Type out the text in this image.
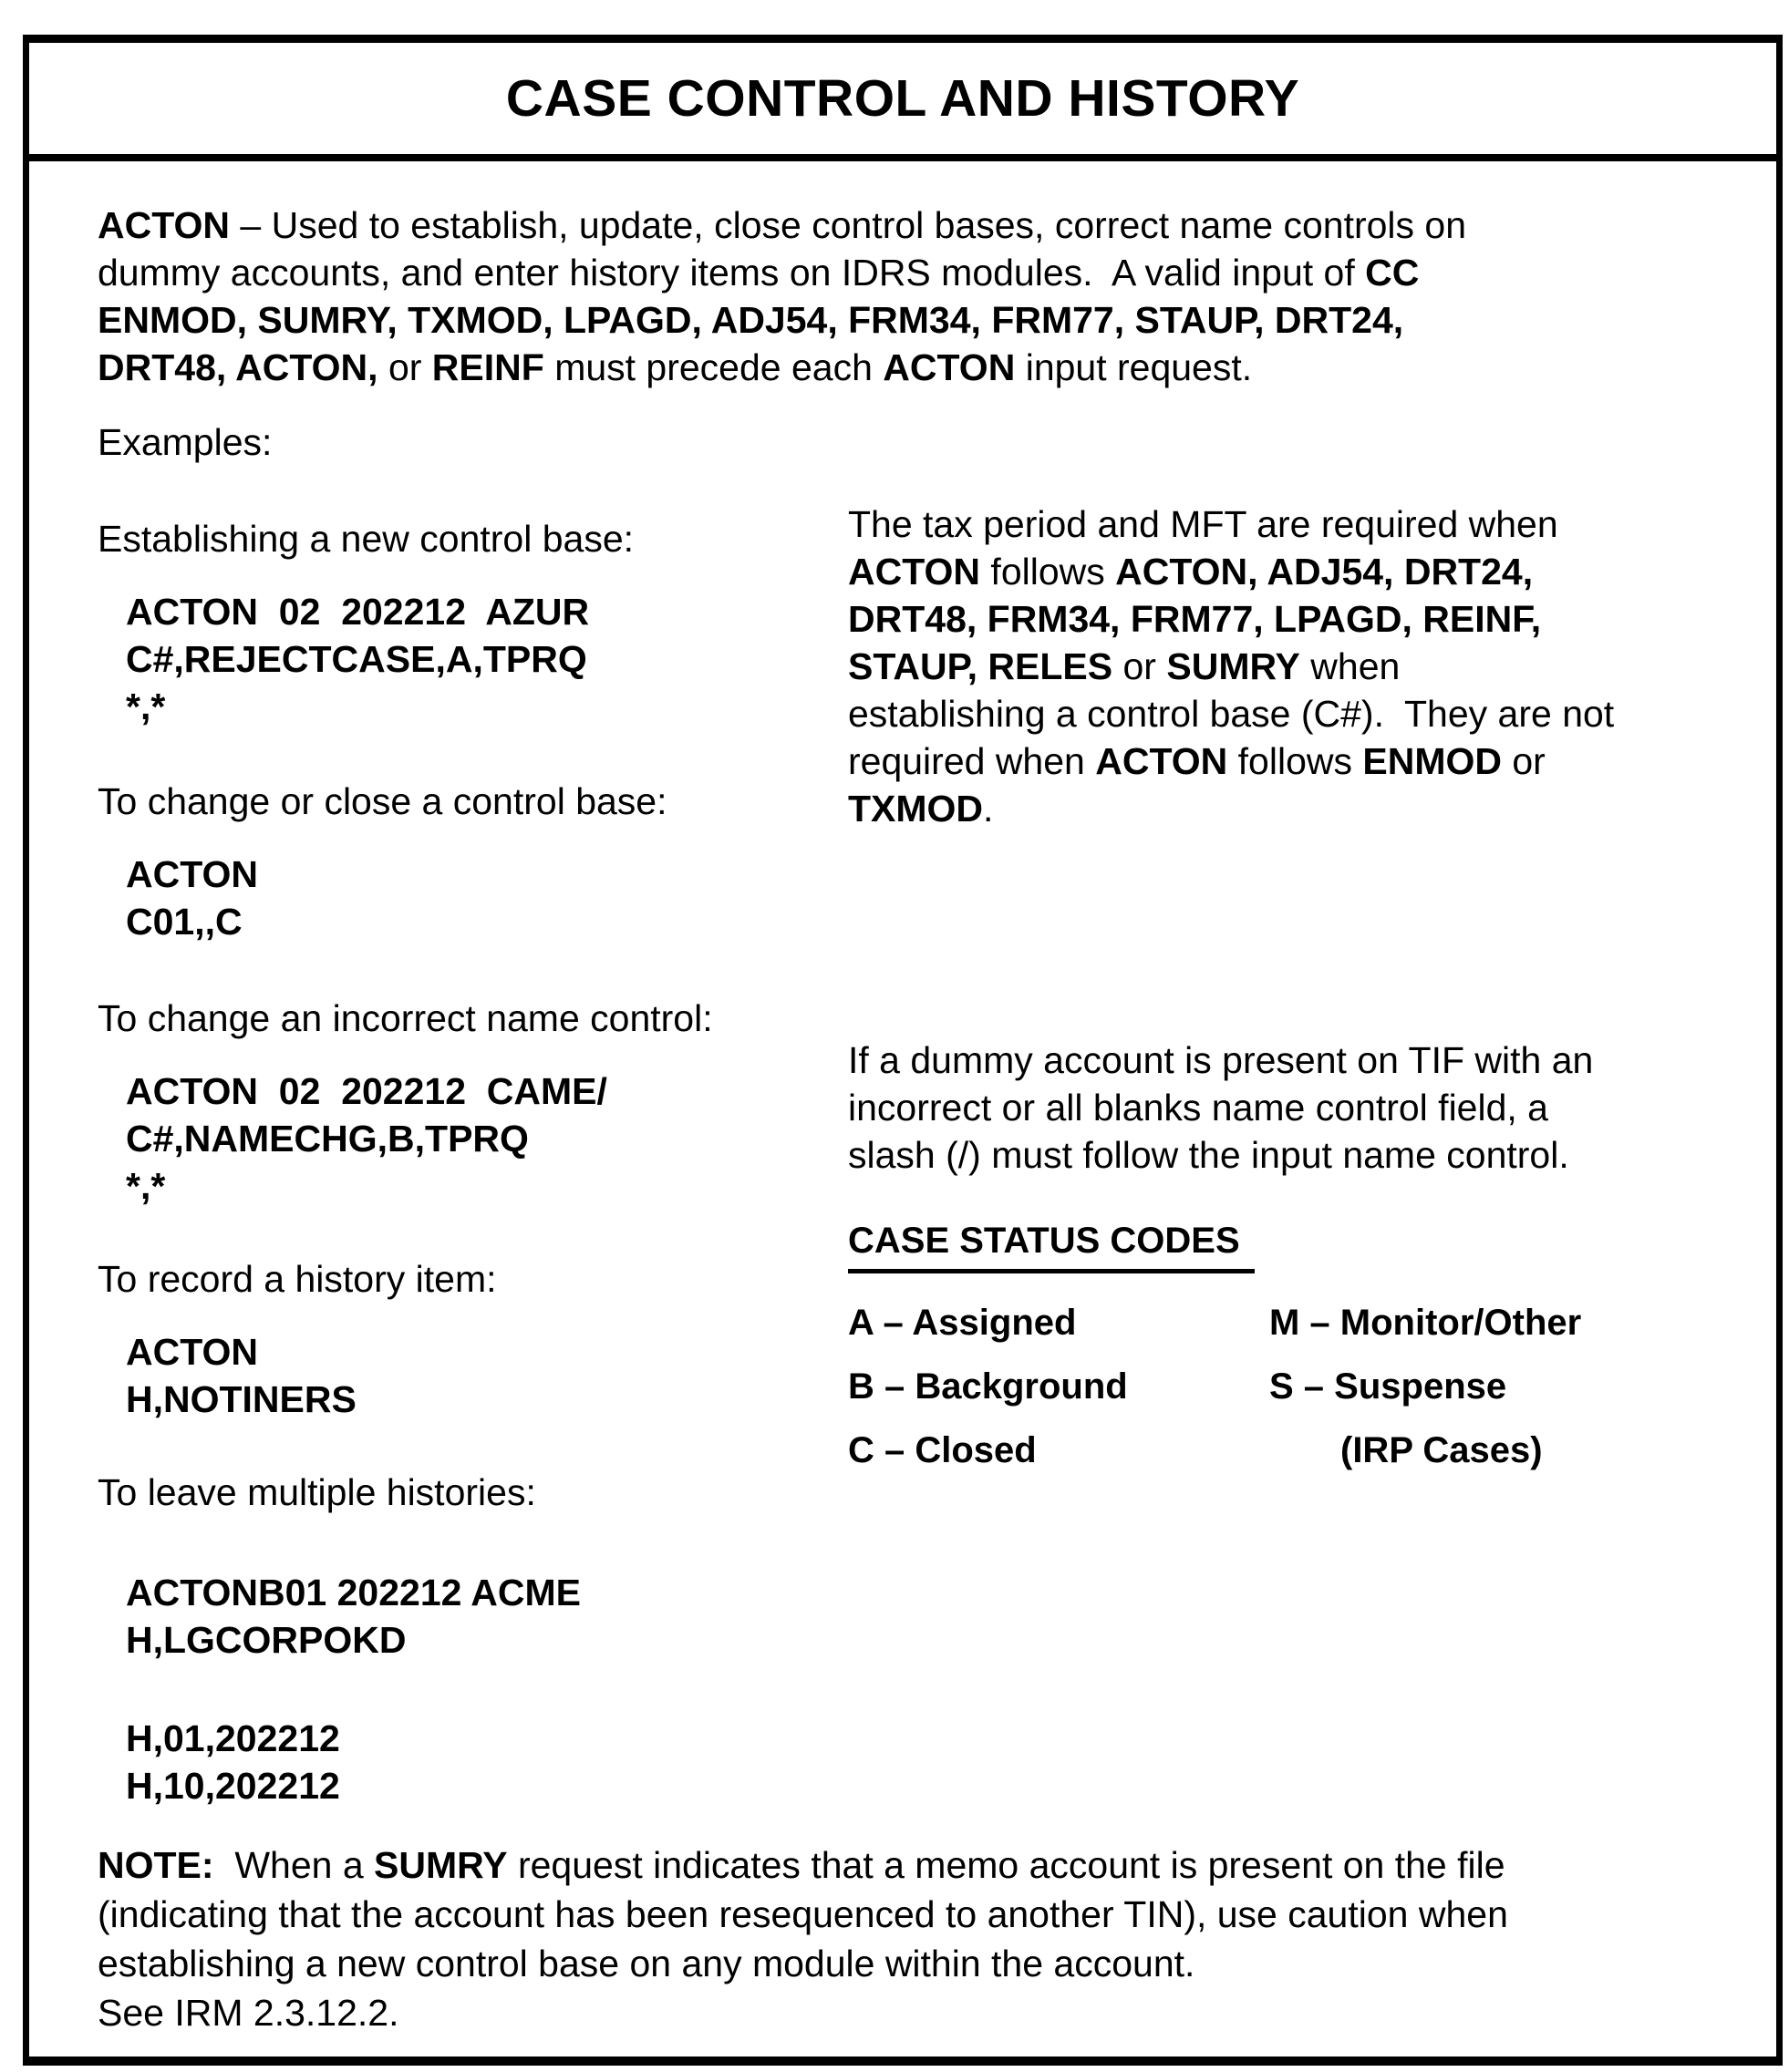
CASE CONTROL AND HISTORY
ACTON – Used to establish, update, close control bases, correct name controls on
dummy accounts, and enter history items on IDRS modules.  A valid input of CC
ENMOD, SUMRY, TXMOD, LPAGD, ADJ54, FRM34, FRM77, STAUP, DRT24,
DRT48, ACTON, or REINF must precede each ACTON input request.
Examples:
Establishing a new control base:
ACTON  02  202212  AZUR
C#,REJECTCASE,A,TPRQ
*,*
To change or close a control base:
ACTON
C01,,C
To change an incorrect name control:
ACTON  02  202212  CAME/
C#,NAMECHG,B,TPRQ
*,*
To record a history item:
ACTON
H,NOTINERS
To leave multiple histories:
ACTONB01 202212 ACME
H,LGCORPOKD
H,01,202212
H,10,202212
The tax period and MFT are required when
ACTON follows ACTON, ADJ54, DRT24,
DRT48, FRM34, FRM77, LPAGD, REINF,
STAUP, RELES or SUMRY when
establishing a control base (C#).  They are not
required when ACTON follows ENMOD or
TXMOD.
If a dummy account is present on TIF with an
incorrect or all blanks name control field, a
slash (/) must follow the input name control.
CASE STATUS CODES
A – Assigned	M – Monitor/Other
B – Background	S – Suspense
C – Closed	(IRP Cases)
NOTE:  When a SUMRY request indicates that a memo account is present on the file
(indicating that the account has been resequenced to another TIN), use caution when
establishing a new control base on any module within the account.
See IRM 2.3.12.2.
